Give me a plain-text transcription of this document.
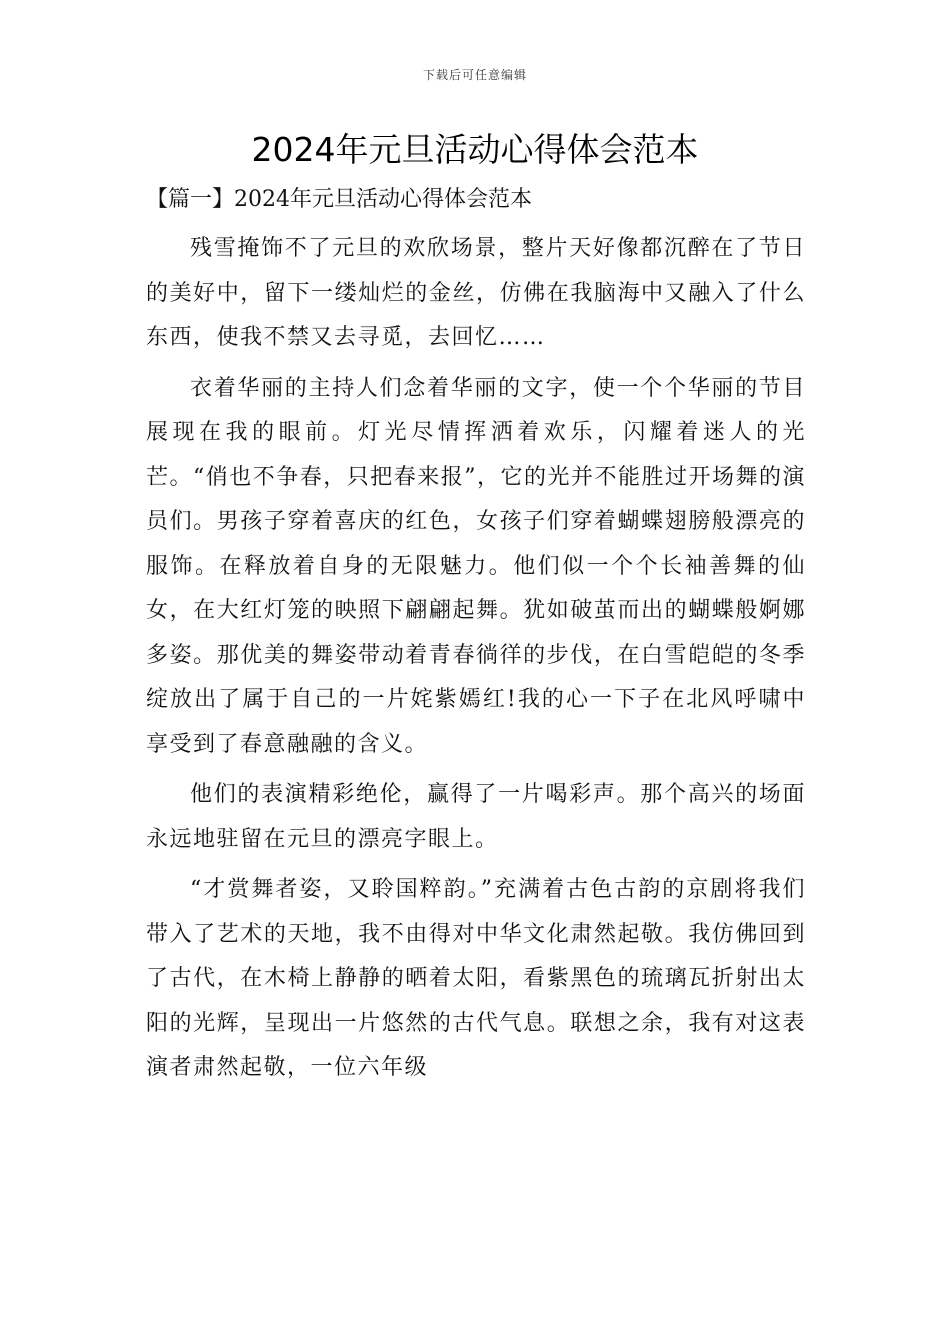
下载后可任意编辑
2024年元旦活动心得体会范本
【篇一】2024年元旦活动心得体会范本

残雪掩饰不了元旦的欢欣场景，整片天好像都沉醉在了节日的美好中，留下一缕灿烂的金丝，仿佛在我脑海中又融入了什么东西，使我不禁又去寻觅，去回忆……

衣着华丽的主持人们念着华丽的文字，使一个个华丽的节目展现在我的眼前。灯光尽情挥洒着欢乐，闪耀着迷人的光芒。“俏也不争春，只把春来报”，它的光并不能胜过开场舞的演员们。男孩子穿着喜庆的红色，女孩子们穿着蝴蝶翅膀般漂亮的服饰。在释放着自身的无限魅力。他们似一个个长袖善舞的仙女，在大红灯笼的映照下翩翩起舞。犹如破茧而出的蝴蝶般婀娜多姿。那优美的舞姿带动着青春徜徉的步伐，在白雪皑皑的冬季绽放出了属于自己的一片姹紫嫣红!我的心一下子在北风呼啸中享受到了春意融融的含义。

他们的表演精彩绝伦，赢得了一片喝彩声。那个高兴的场面永远地驻留在元旦的漂亮字眼上。

“才赏舞者姿，又聆国粹韵。”充满着古色古韵的京剧将我们带入了艺术的天地，我不由得对中华文化肃然起敬。我仿佛回到了古代，在木椅上静静的晒着太阳，看紫黑色的琉璃瓦折射出太阳的光辉，呈现出一片悠然的古代气息。联想之余，我有对这表演者肃然起敬，一位六年级
